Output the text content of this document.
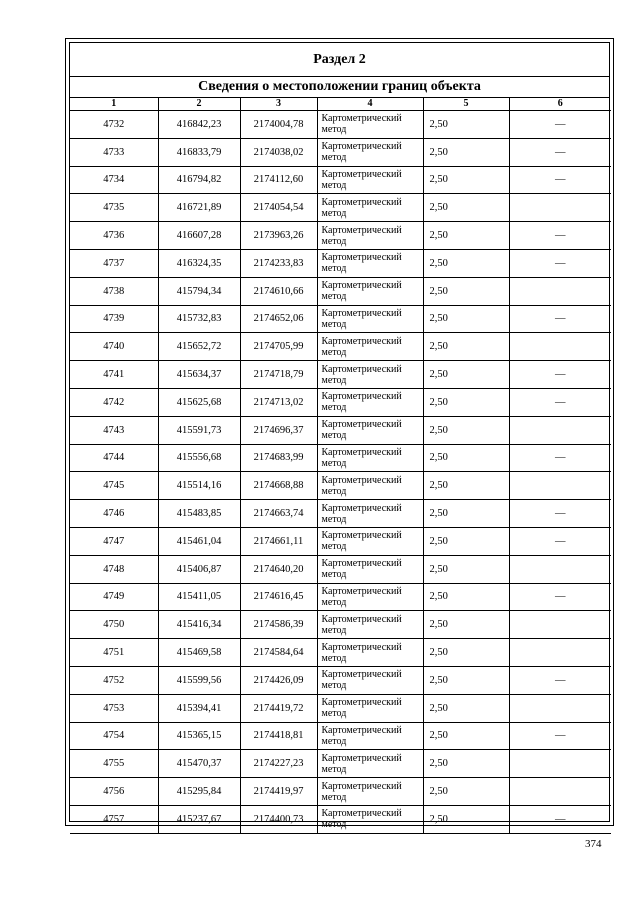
Раздел 2
Сведения о местоположении границ объекта
1	2	3	4	5	6
4732	416842,23	2174004,78	Картометрический метод	2,50	—
4733	416833,79	2174038,02	Картометрический метод	2,50	—
4734	416794,82	2174112,60	Картометрический метод	2,50	—
4735	416721,89	2174054,54	Картометрический метод	2,50	
4736	416607,28	2173963,26	Картометрический метод	2,50	—
4737	416324,35	2174233,83	Картометрический метод	2,50	—
4738	415794,34	2174610,66	Картометрический метод	2,50	
4739	415732,83	2174652,06	Картометрический метод	2,50	—
4740	415652,72	2174705,99	Картометрический метод	2,50	
4741	415634,37	2174718,79	Картометрический метод	2,50	—
4742	415625,68	2174713,02	Картометрический метод	2,50	—
4743	415591,73	2174696,37	Картометрический метод	2,50	
4744	415556,68	2174683,99	Картометрический метод	2,50	—
4745	415514,16	2174668,88	Картометрический метод	2,50	
4746	415483,85	2174663,74	Картометрический метод	2,50	—
4747	415461,04	2174661,11	Картометрический метод	2,50	—
4748	415406,87	2174640,20	Картометрический метод	2,50	
4749	415411,05	2174616,45	Картометрический метод	2,50	—
4750	415416,34	2174586,39	Картометрический метод	2,50	
4751	415469,58	2174584,64	Картометрический метод	2,50	
4752	415599,56	2174426,09	Картометрический метод	2,50	—
4753	415394,41	2174419,72	Картометрический метод	2,50	
4754	415365,15	2174418,81	Картометрический метод	2,50	—
4755	415470,37	2174227,23	Картометрический метод	2,50	
4756	415295,84	2174419,97	Картометрический метод	2,50	
4757	415237,67	2174400,73	Картометрический метод	2,50	—
374
